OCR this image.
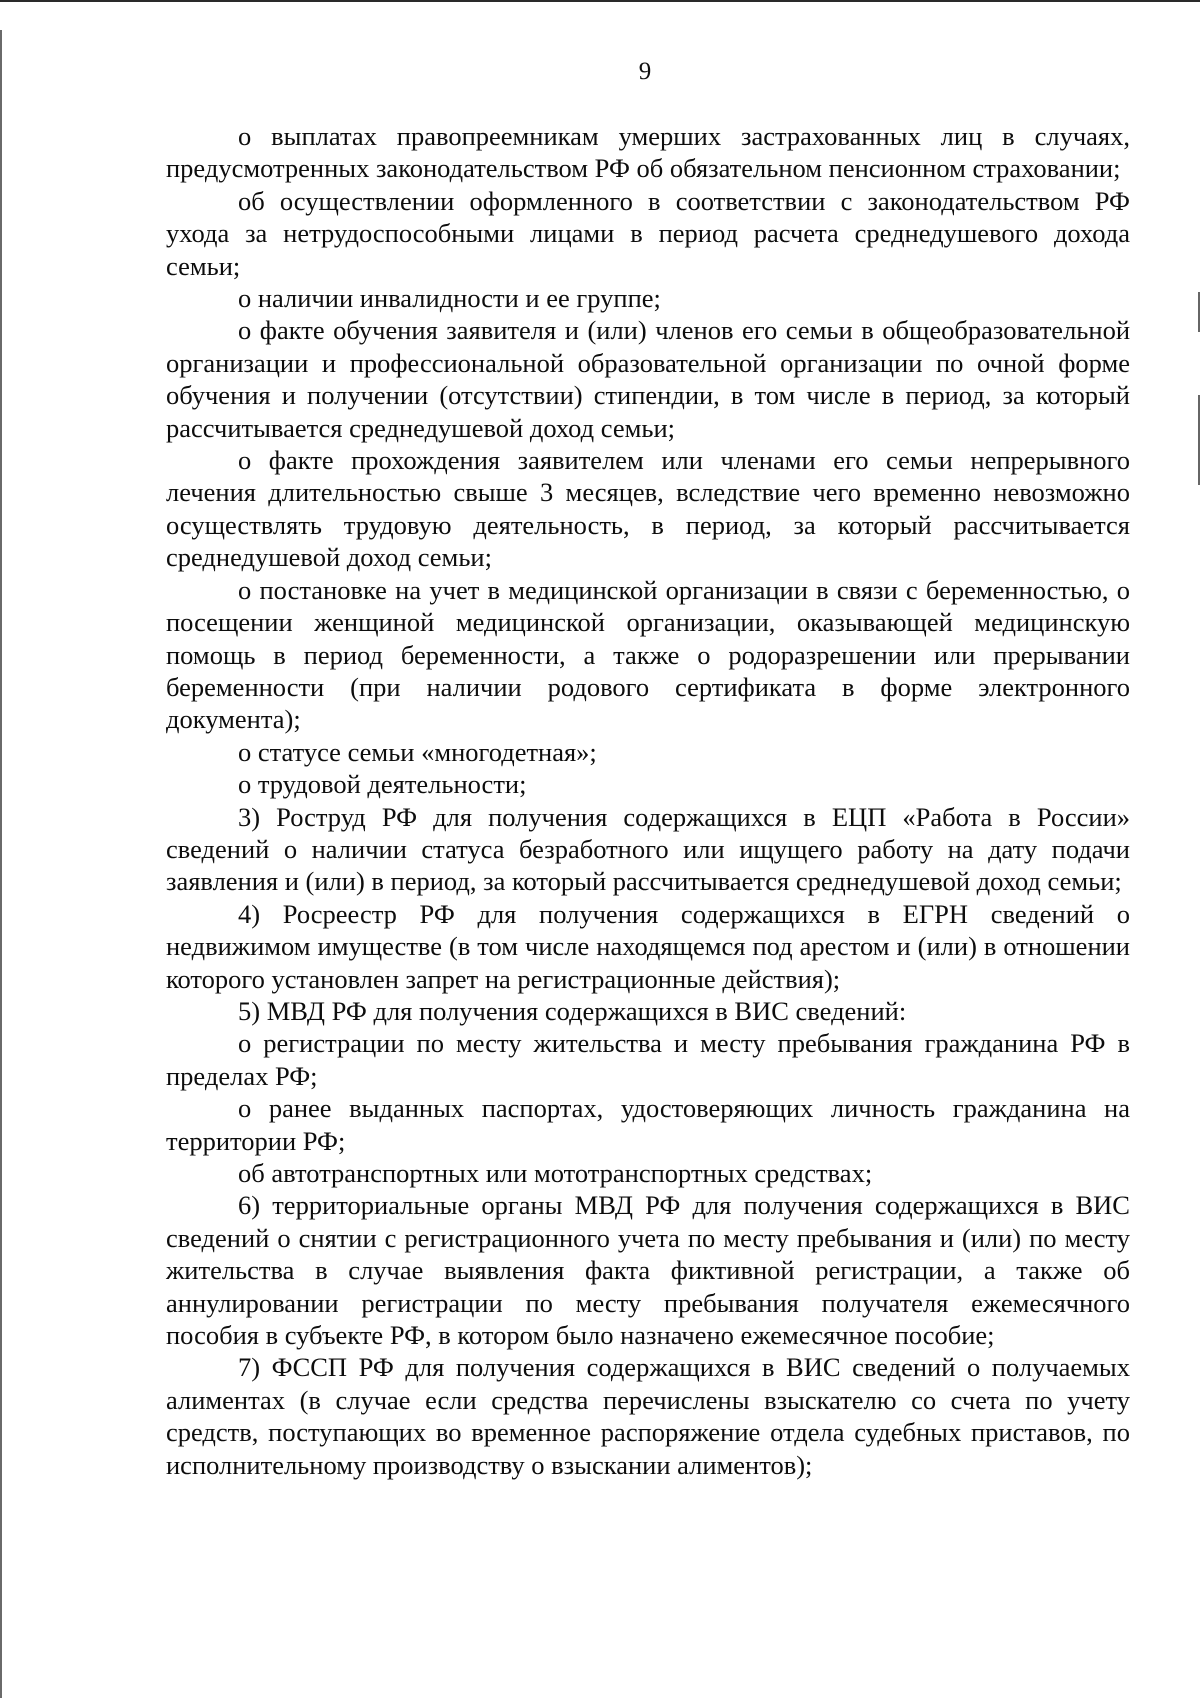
9

о выплатах правопреемникам умерших застрахованных лиц в случаях, предусмотренных законодательством РФ об обязательном пенсионном страховании;

об осуществлении оформленного в соответствии с законодательством РФ ухода за нетрудоспособными лицами в период расчета среднедушевого дохода семьи;

о наличии инвалидности и ее группе;

о факте обучения заявителя и (или) членов его семьи в общеобразовательной организации и профессиональной образовательной организации по очной форме обучения и получении (отсутствии) стипендии, в том числе в период, за который рассчитывается среднедушевой доход семьи;

о факте прохождения заявителем или членами его семьи непрерывного лечения длительностью свыше 3 месяцев, вследствие чего временно невозможно осуществлять трудовую деятельность, в период, за который рассчитывается среднедушевой доход семьи;

о постановке на учет в медицинской организации в связи с беременностью, о посещении женщиной медицинской организации, оказывающей медицинскую помощь в период беременности, а также о родоразрешении или прерывании беременности (при наличии родового сертификата в форме электронного документа);

о статусе семьи «многодетная»;

о трудовой деятельности;

3) Роструд РФ для получения содержащихся в ЕЦП «Работа в России» сведений о наличии статуса безработного или ищущего работу на дату подачи заявления и (или) в период, за который рассчитывается среднедушевой доход семьи;

4) Росреестр РФ для получения содержащихся в ЕГРН сведений о недвижимом имуществе (в том числе находящемся под арестом и (или) в отношении которого установлен запрет на регистрационные действия);

5) МВД РФ для получения содержащихся в ВИС сведений:

о регистрации по месту жительства и месту пребывания гражданина РФ в пределах РФ;

о ранее выданных паспортах, удостоверяющих личность гражданина на территории РФ;

об автотранспортных или мототранспортных средствах;

6) территориальные органы МВД РФ для получения содержащихся в ВИС сведений о снятии с регистрационного учета по месту пребывания и (или) по месту жительства в случае выявления факта фиктивной регистрации, а также об аннулировании регистрации по месту пребывания получателя ежемесячного пособия в субъекте РФ, в котором было назначено ежемесячное пособие;

7) ФССП РФ для получения содержащихся в ВИС сведений о получаемых алиментах (в случае если средства перечислены взыскателю со счета по учету средств, поступающих во временное распоряжение отдела судебных приставов, по исполнительному производству о взыскании алиментов);
